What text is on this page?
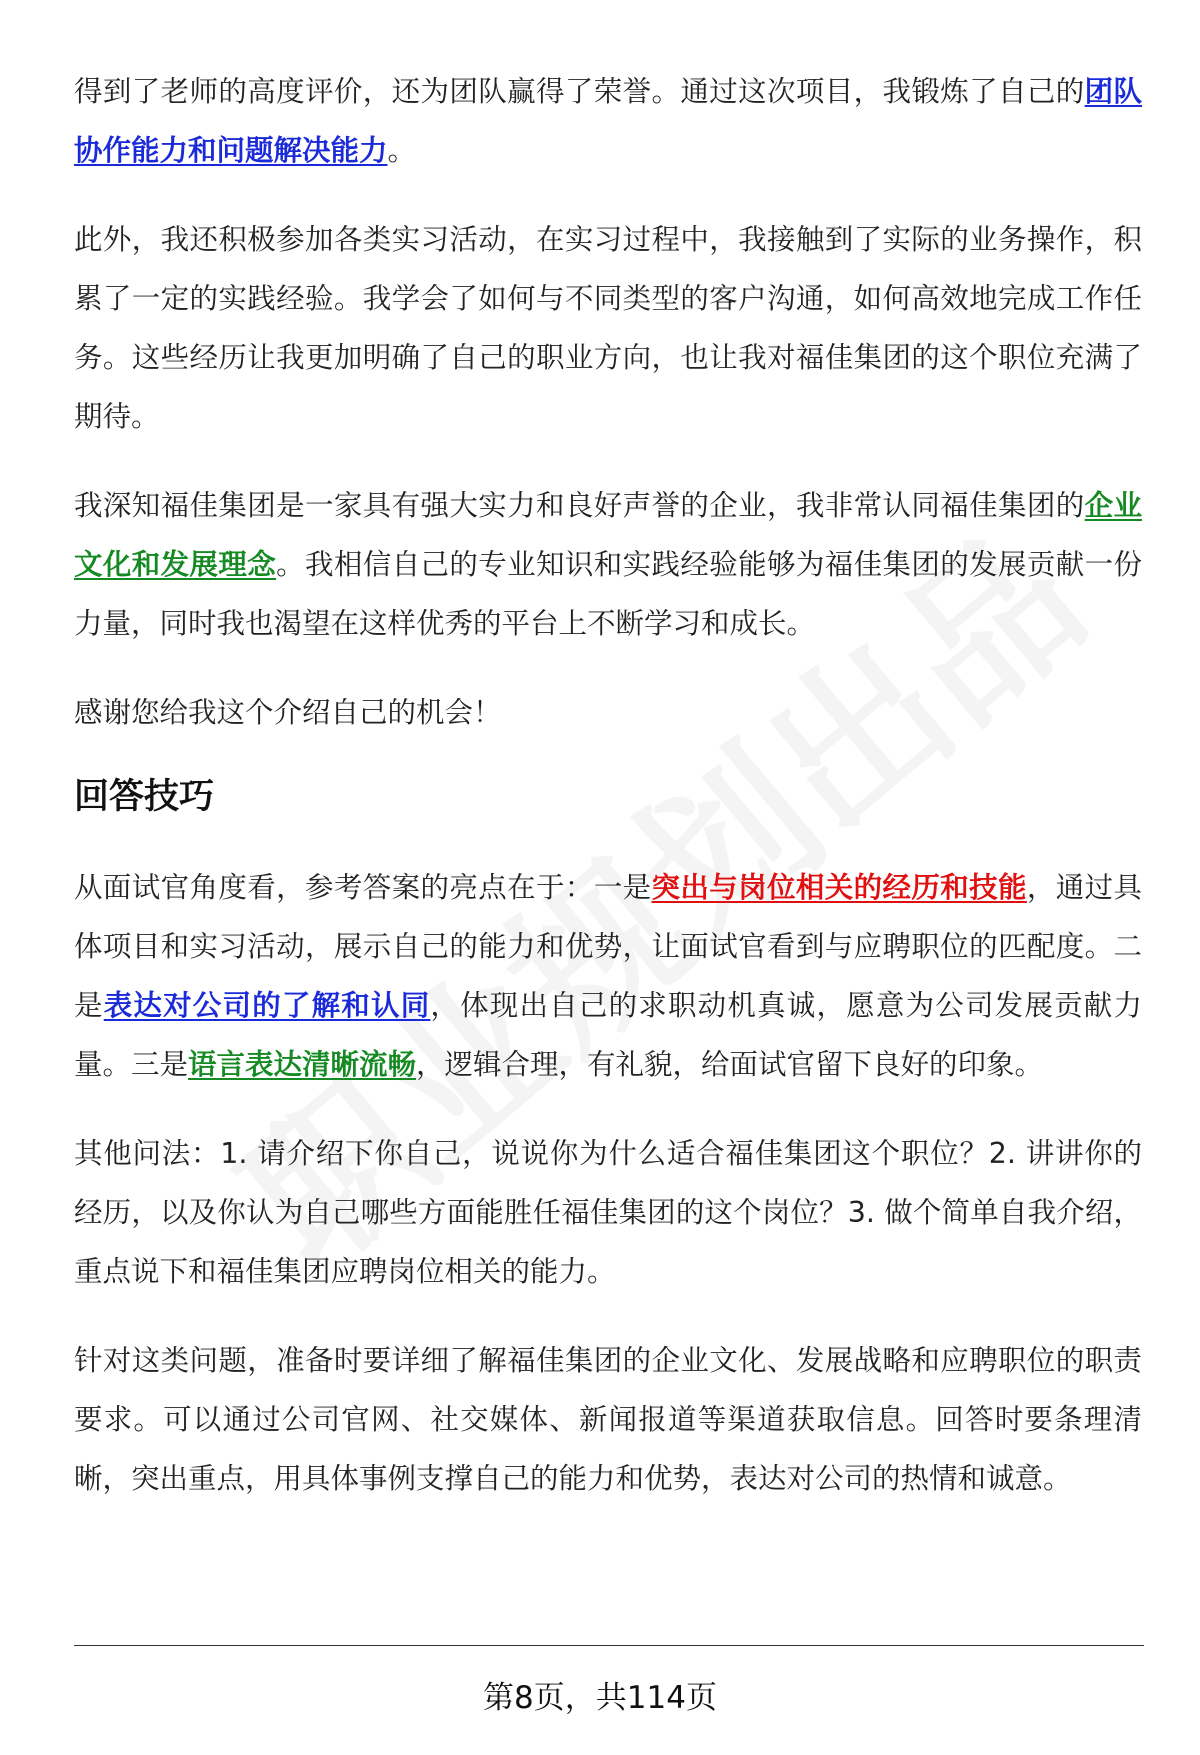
得到了老师的高度评价，还为团队赢得了荣誉。通过这次项目，我锻炼了自己的团队协作能力和问题解决能力。

此外，我还积极参加各类实习活动，在实习过程中，我接触到了实际的业务操作，积累了一定的实践经验。我学会了如何与不同类型的客户沟通，如何高效地完成工作任务。这些经历让我更加明确了自己的职业方向，也让我对福佳集团的这个职位充满了期待。

我深知福佳集团是一家具有强大实力和良好声誉的企业，我非常认同福佳集团的企业文化和发展理念。我相信自己的专业知识和实践经验能够为福佳集团的发展贡献一份力量，同时我也渴望在这样优秀的平台上不断学习和成长。

感谢您给我这个介绍自己的机会！

回答技巧

从面试官角度看，参考答案的亮点在于：一是突出与岗位相关的经历和技能，通过具体项目和实习活动，展示自己的能力和优势，让面试官看到与应聘职位的匹配度。二是表达对公司的了解和认同，体现出自己的求职动机真诚，愿意为公司发展贡献力量。三是语言表达清晰流畅，逻辑合理，有礼貌，给面试官留下良好的印象。

其他问法：1. 请介绍下你自己，说说你为什么适合福佳集团这个职位？2. 讲讲你的经历，以及你认为自己哪些方面能胜任福佳集团的这个岗位？3. 做个简单自我介绍，重点说下和福佳集团应聘岗位相关的能力。

针对这类问题，准备时要详细了解福佳集团的企业文化、发展战略和应聘职位的职责要求。可以通过公司官网、社交媒体、新闻报道等渠道获取信息。回答时要条理清晰，突出重点，用具体事例支撑自己的能力和优势，表达对公司的热情和诚意。

第8页，共114页
